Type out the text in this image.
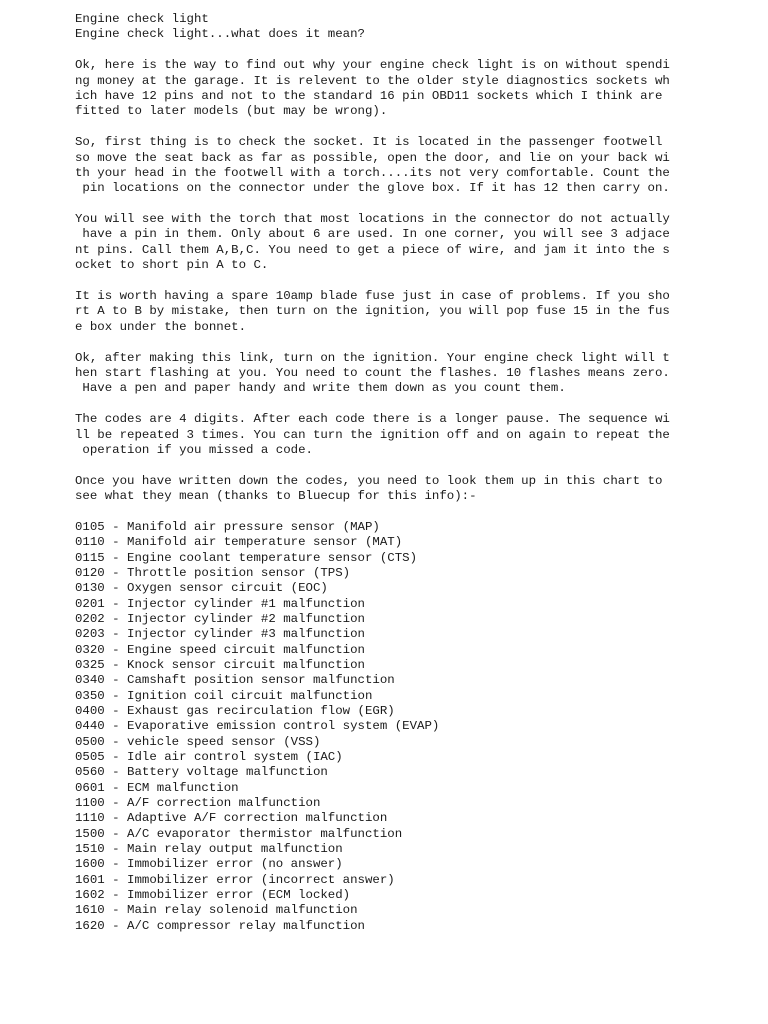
Engine check light
Engine check light...what does it mean?
Ok, here is the way to find out why your engine check light is on without spendi
ng money at the garage. It is relevent to the older style diagnostics sockets wh
ich have 12 pins and not to the standard 16 pin OBD11 sockets which I think are
fitted to later models (but may be wrong).
So, first thing is to check the socket. It is located in the passenger footwell
so move the seat back as far as possible, open the door, and lie on your back wi
th your head in the footwell with a torch....its not very comfortable. Count the
pin locations on the connector under the glove box. If it has 12 then carry on.
You will see with the torch that most locations in the connector do not actually
have a pin in them. Only about 6 are used. In one corner, you will see 3 adjace
nt pins. Call them A,B,C. You need to get a piece of wire, and jam it into the s
ocket to short pin A to C.
It is worth having a spare 10amp blade fuse just in case of problems. If you sho
rt A to B by mistake, then turn on the ignition, you will pop fuse 15 in the fus
e box under the bonnet.
Ok, after making this link, turn on the ignition. Your engine check light will t
hen start flashing at you. You need to count the flashes. 10 flashes means zero.
Have a pen and paper handy and write them down as you count them.
The codes are 4 digits. After each code there is a longer pause. The sequence wi
ll be repeated 3 times. You can turn the ignition off and on again to repeat the
operation if you missed a code.
Once you have written down the codes, you need to look them up in this chart to
see what they mean (thanks to Bluecup for this info):-
0105 - Manifold air pressure sensor (MAP)
0110 - Manifold air temperature sensor (MAT)
0115 - Engine coolant temperature sensor (CTS)
0120 - Throttle position sensor (TPS)
0130 - Oxygen sensor circuit (EOC)
0201 - Injector cylinder #1 malfunction
0202 - Injector cylinder #2 malfunction
0203 - Injector cylinder #3 malfunction
0320 - Engine speed circuit malfunction
0325 - Knock sensor circuit malfunction
0340 - Camshaft position sensor malfunction
0350 - Ignition coil circuit malfunction
0400 - Exhaust gas recirculation flow (EGR)
0440 - Evaporative emission control system (EVAP)
0500 - vehicle speed sensor (VSS)
0505 - Idle air control system (IAC)
0560 - Battery voltage malfunction
0601 - ECM malfunction
1100 - A/F correction malfunction
1110 - Adaptive A/F correction malfunction
1500 - A/C evaporator thermistor malfunction
1510 - Main relay output malfunction
1600 - Immobilizer error (no answer)
1601 - Immobilizer error (incorrect answer)
1602 - Immobilizer error (ECM locked)
1610 - Main relay solenoid malfunction
1620 - A/C compressor relay malfunction
